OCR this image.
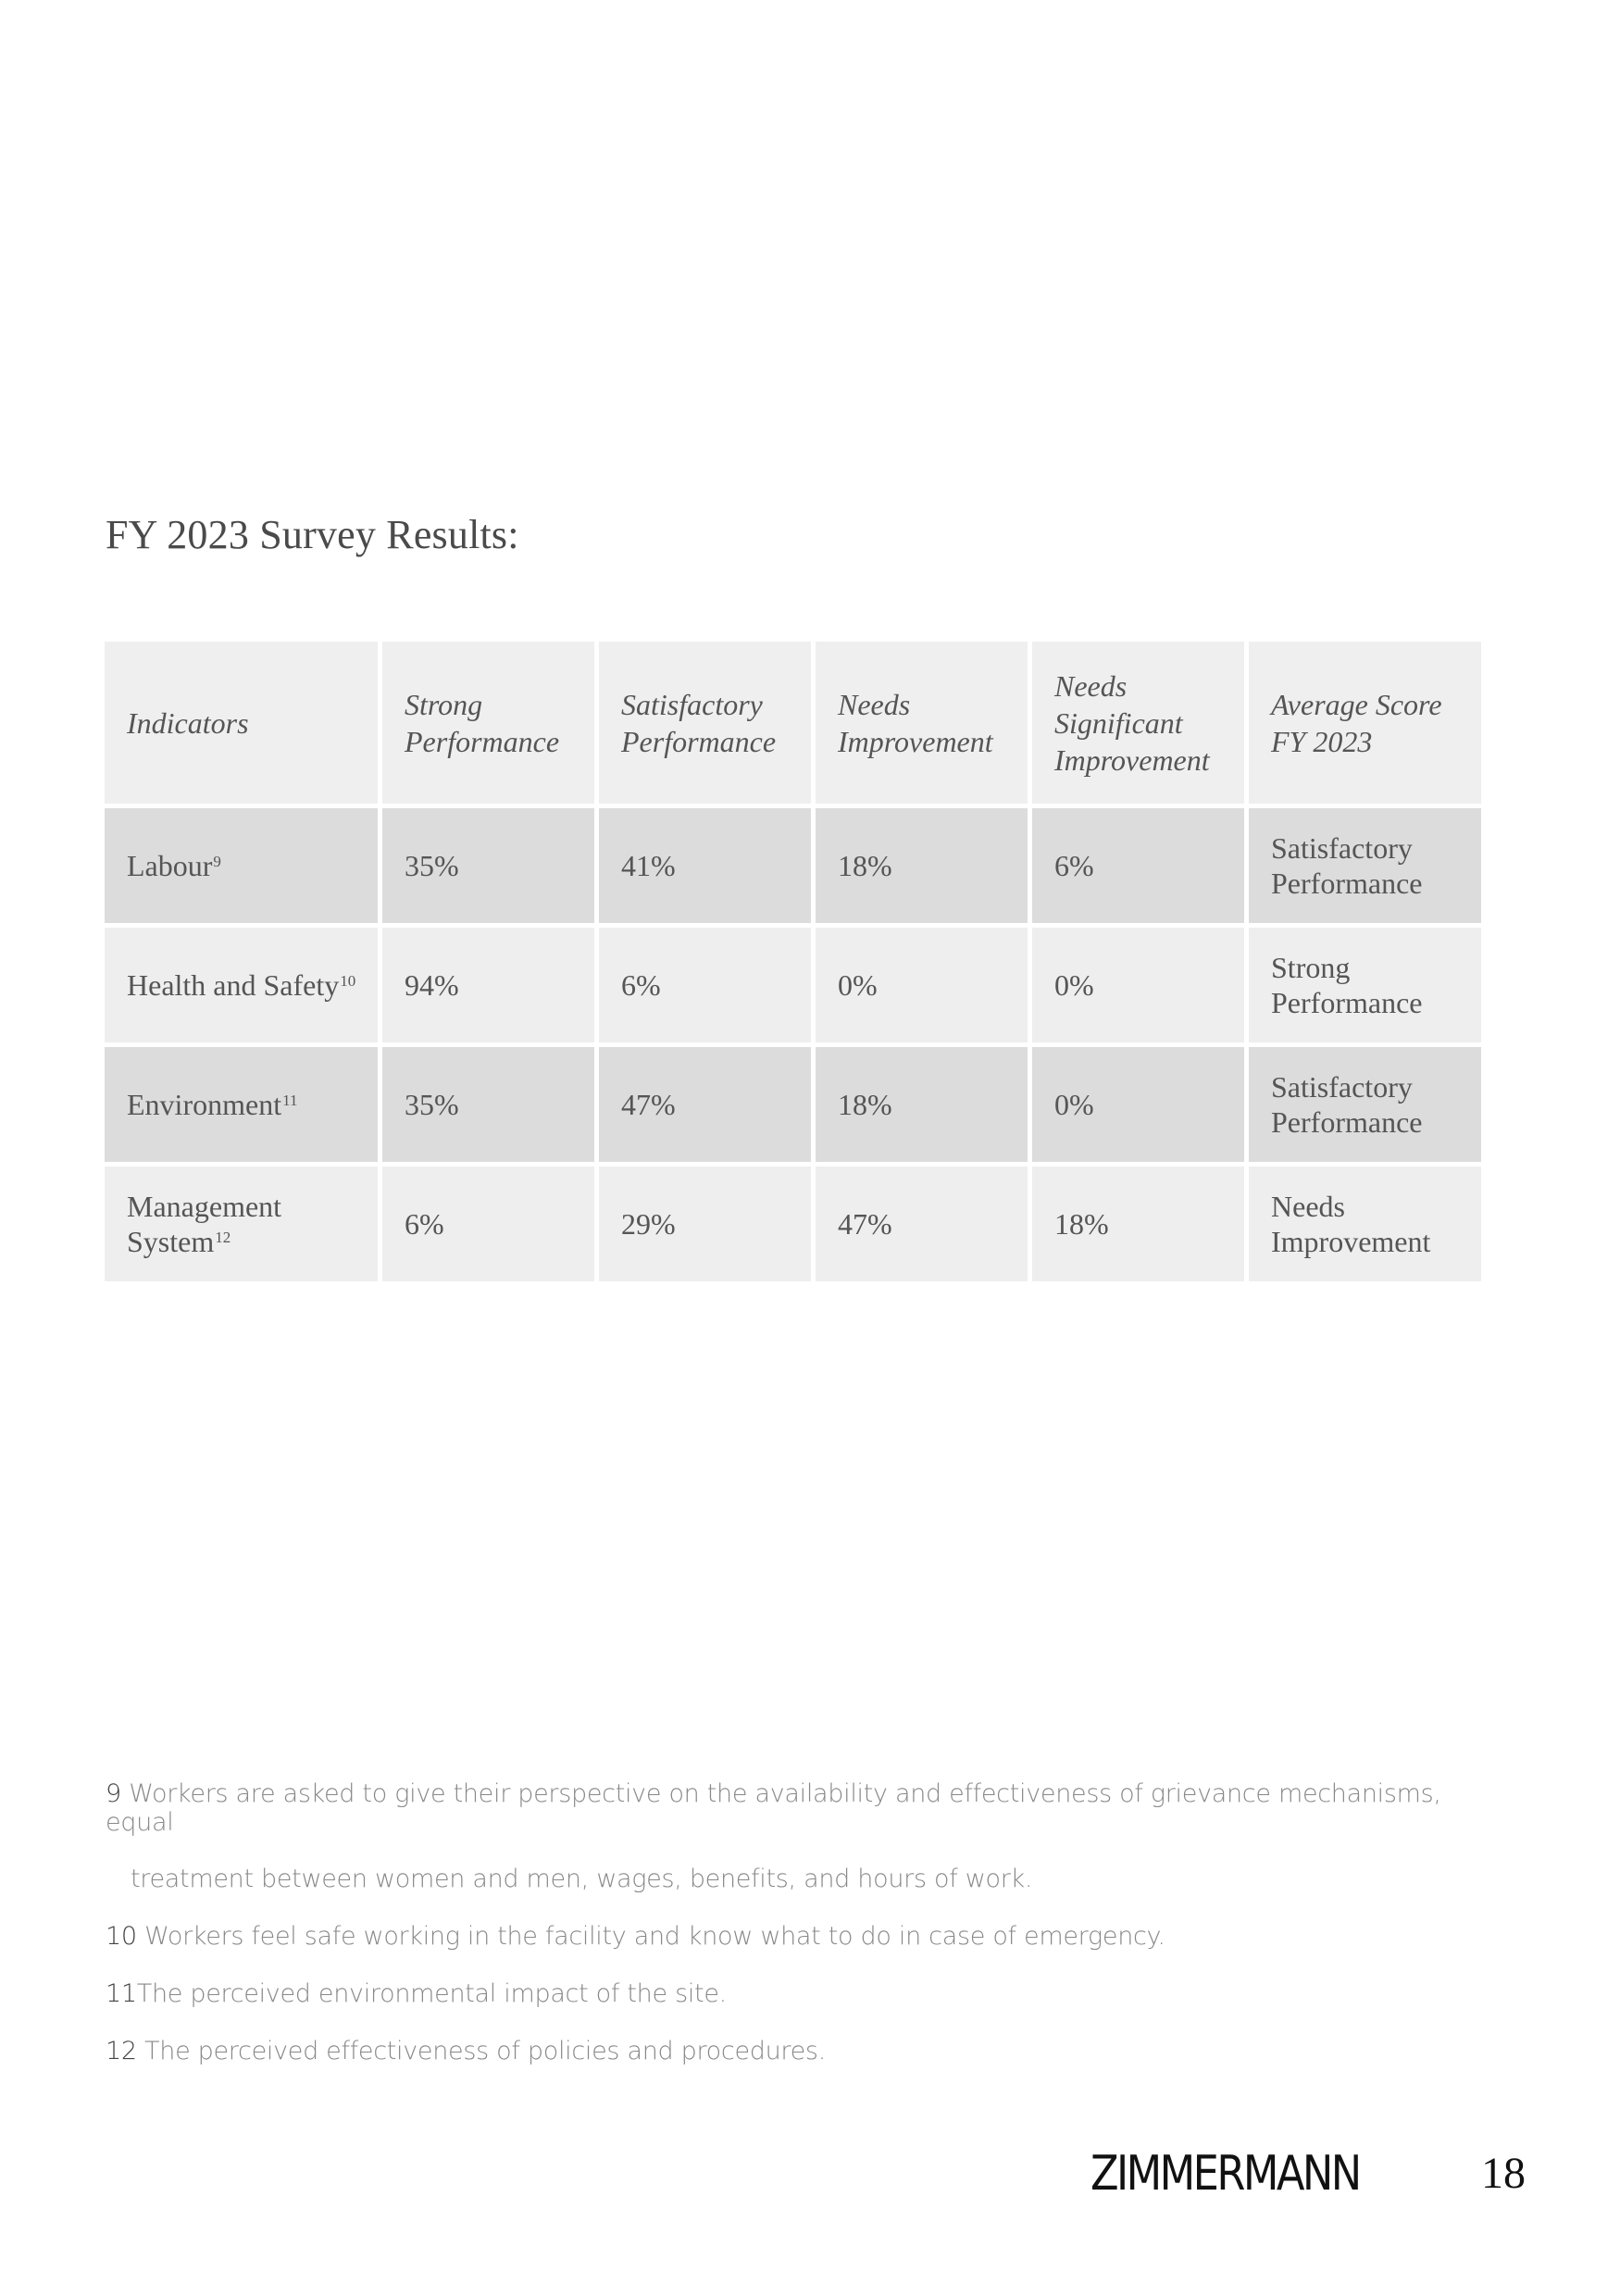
FY 2023 Survey Results:
Indicators	Strong Performance	Satisfactory Performance	Needs Improvement	Needs Significant Improvement	Average Score FY 2023
Labour$^9$	35%	41%	18%	6%	Satisfactory Performance
Health and Safety$^{10}$	94%	6%	0%	0%	Strong Performance
Environment$^{11}$	35%	47%	18%	0%	Satisfactory Performance
Management System$^{12}$	6%	29%	47%	18%	Needs Improvement

9 Workers are asked to give their perspective on the availability and effectiveness of grievance mechanisms, equal
treatment between women and men, wages, benefits, and hours of work.

10 Workers feel safe working in the facility and know what to do in case of emergency.

11The perceived environmental impact of the site.

12 The perceived effectiveness of policies and procedures.

ZIMMERMANN	18
